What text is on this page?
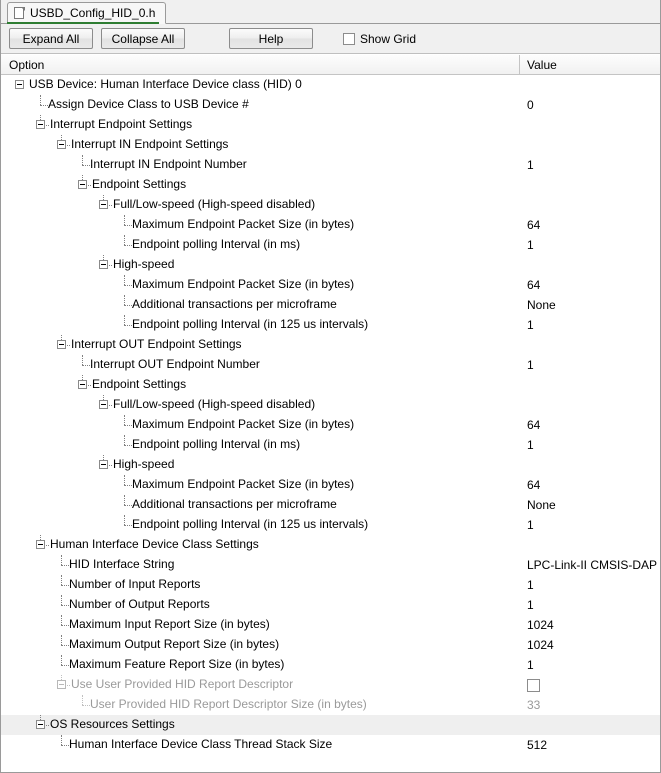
USBD_Config_HID_0.h
Expand All	Collapse All	Help	Show Grid
Option	Value
USB Device: Human Interface Device class (HID) 0
Assign Device Class to USB Device #	0
Interrupt Endpoint Settings
Interrupt IN Endpoint Settings
Interrupt IN Endpoint Number	1
Endpoint Settings
Full/Low-speed (High-speed disabled)
Maximum Endpoint Packet Size (in bytes)	64
Endpoint polling Interval (in ms)	1
High-speed
Maximum Endpoint Packet Size (in bytes)	64
Additional transactions per microframe	None
Endpoint polling Interval (in 125 us intervals)	1
Interrupt OUT Endpoint Settings
Interrupt OUT Endpoint Number	1
Endpoint Settings
Full/Low-speed (High-speed disabled)
Maximum Endpoint Packet Size (in bytes)	64
Endpoint polling Interval (in ms)	1
High-speed
Maximum Endpoint Packet Size (in bytes)	64
Additional transactions per microframe	None
Endpoint polling Interval (in 125 us intervals)	1
Human Interface Device Class Settings
HID Interface String	LPC-Link-II CMSIS-DAP
Number of Input Reports	1
Number of Output Reports	1
Maximum Input Report Size (in bytes)	1024
Maximum Output Report Size (in bytes)	1024
Maximum Feature Report Size (in bytes)	1
Use User Provided HID Report Descriptor
User Provided HID Report Descriptor Size (in bytes)	33
OS Resources Settings
Human Interface Device Class Thread Stack Size	512
